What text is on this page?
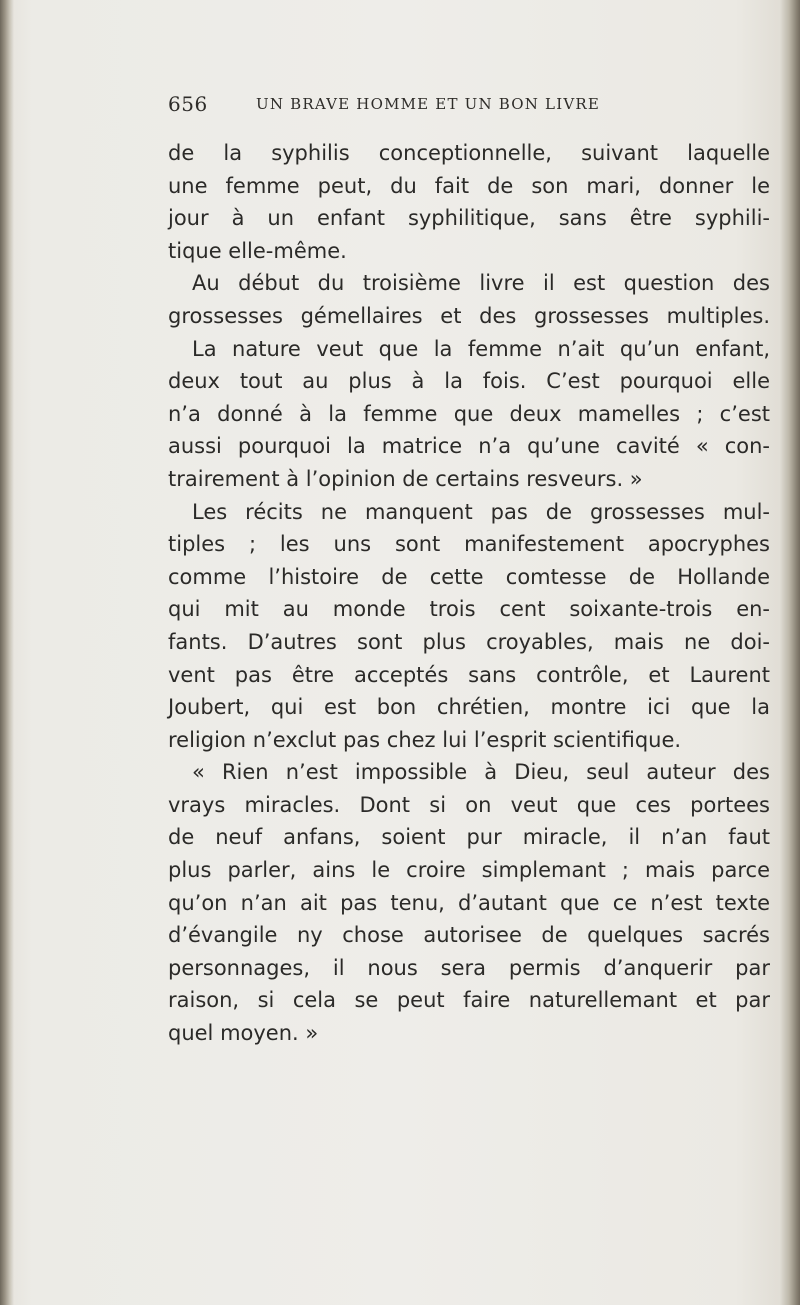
656	UN BRAVE HOMME ET UN BON LIVRE
de la syphilis conceptionnelle, suivant laquelle
une femme peut, du fait de son mari, donner le
jour à un enfant syphilitique, sans être syphili-
tique elle-même.
Au début du troisième livre il est question des
grossesses gémellaires et des grossesses multiples.
La nature veut que la femme n’ait qu’un enfant,
deux tout au plus à la fois. C’est pourquoi elle
n’a donné à la femme que deux mamelles ; c’est
aussi pourquoi la matrice n’a qu’une cavité « con-
trairement à l’opinion de certains resveurs. »
Les récits ne manquent pas de grossesses mul-
tiples ; les uns sont manifestement apocryphes
comme l’histoire de cette comtesse de Hollande
qui mit au monde trois cent soixante-trois en-
fants. D’autres sont plus croyables, mais ne doi-
vent pas être acceptés sans contrôle, et Laurent
Joubert, qui est bon chrétien, montre ici que la
religion n’exclut pas chez lui l’esprit scientifique.
« Rien n’est impossible à Dieu, seul auteur des
vrays miracles. Dont si on veut que ces portees
de neuf anfans, soient pur miracle, il n’an faut
plus parler, ains le croire simplemant ; mais parce
qu’on n’an ait pas tenu, d’autant que ce n’est texte
d’évangile ny chose autorisee de quelques sacrés
personnages, il nous sera permis d’anquerir par
raison, si cela se peut faire naturellemant et par
quel moyen. »
